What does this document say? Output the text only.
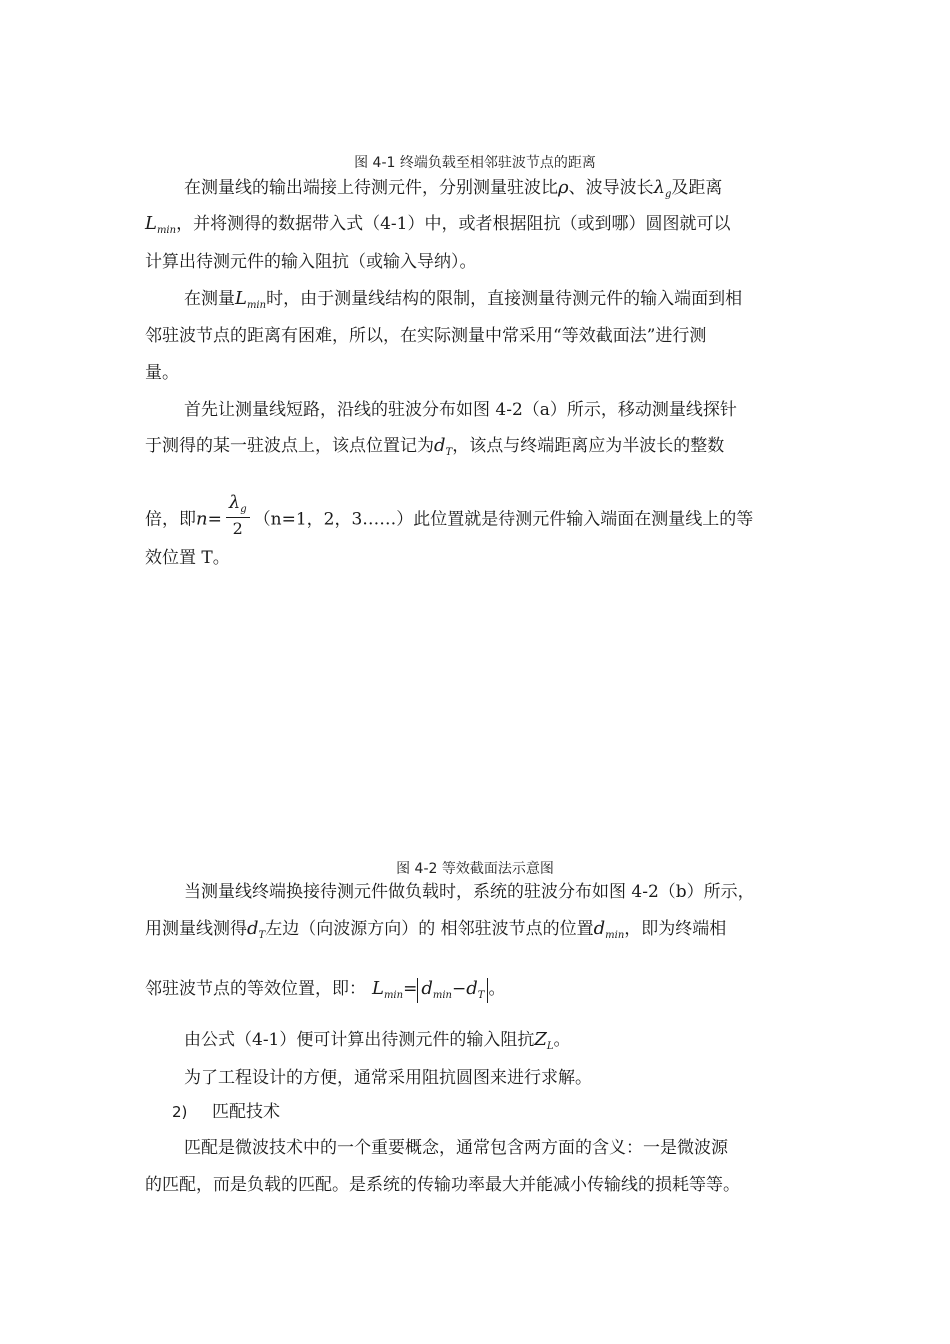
图 4-1 终端负载至相邻驻波节点的距离
在测量线的输出端接上待测元件，分别测量驻波比ρ、波导波长$\lambda_g$及距离
$L_{min}$，并将测得的数据带入式（4-1）中，或者根据阻抗（或到哪）圆图就可以
计算出待测元件的输入阻抗（或输入导纳）。
在测量$L_{min}$时，由于测量线结构的限制，直接测量待测元件的输入端面到相
邻驻波节点的距离有困难，所以，在实际测量中常采用“等效截面法”进行测
量。
首先让测量线短路，沿线的驻波分布如图 4-2（a）所示，移动测量线探针
于测得的某一驻波点上，该点位置记为$d_T$，该点与终端距离应为半波长的整数
倍，即$n= \frac{\lambda_g}{2} (n=1$，2，3……）此位置就是待测元件输入端面在测量线上的等
效位置 T。
图 4-2 等效截面法示意图
当测量线终端换接待测元件做负载时，系统的驻波分布如图 4-2（b）所示，
用测量线测得$d_T$左边（向波源方向）的 相邻驻波节点的位置$d_{min}$，即为终端相
邻驻波节点的等效位置，即： $L_{min}= d_{min}-d_T$ 。
由公式（4-1）便可计算出待测元件的输入阻抗$Z_L$。
为了工程设计的方便，通常采用阻抗圆图来进行求解。
2) 匹配技术
匹配是微波技术中的一个重要概念，通常包含两方面的含义：一是微波源
的匹配，而是负载的匹配。是系统的传输功率最大并能减小传输线的损耗等等。
